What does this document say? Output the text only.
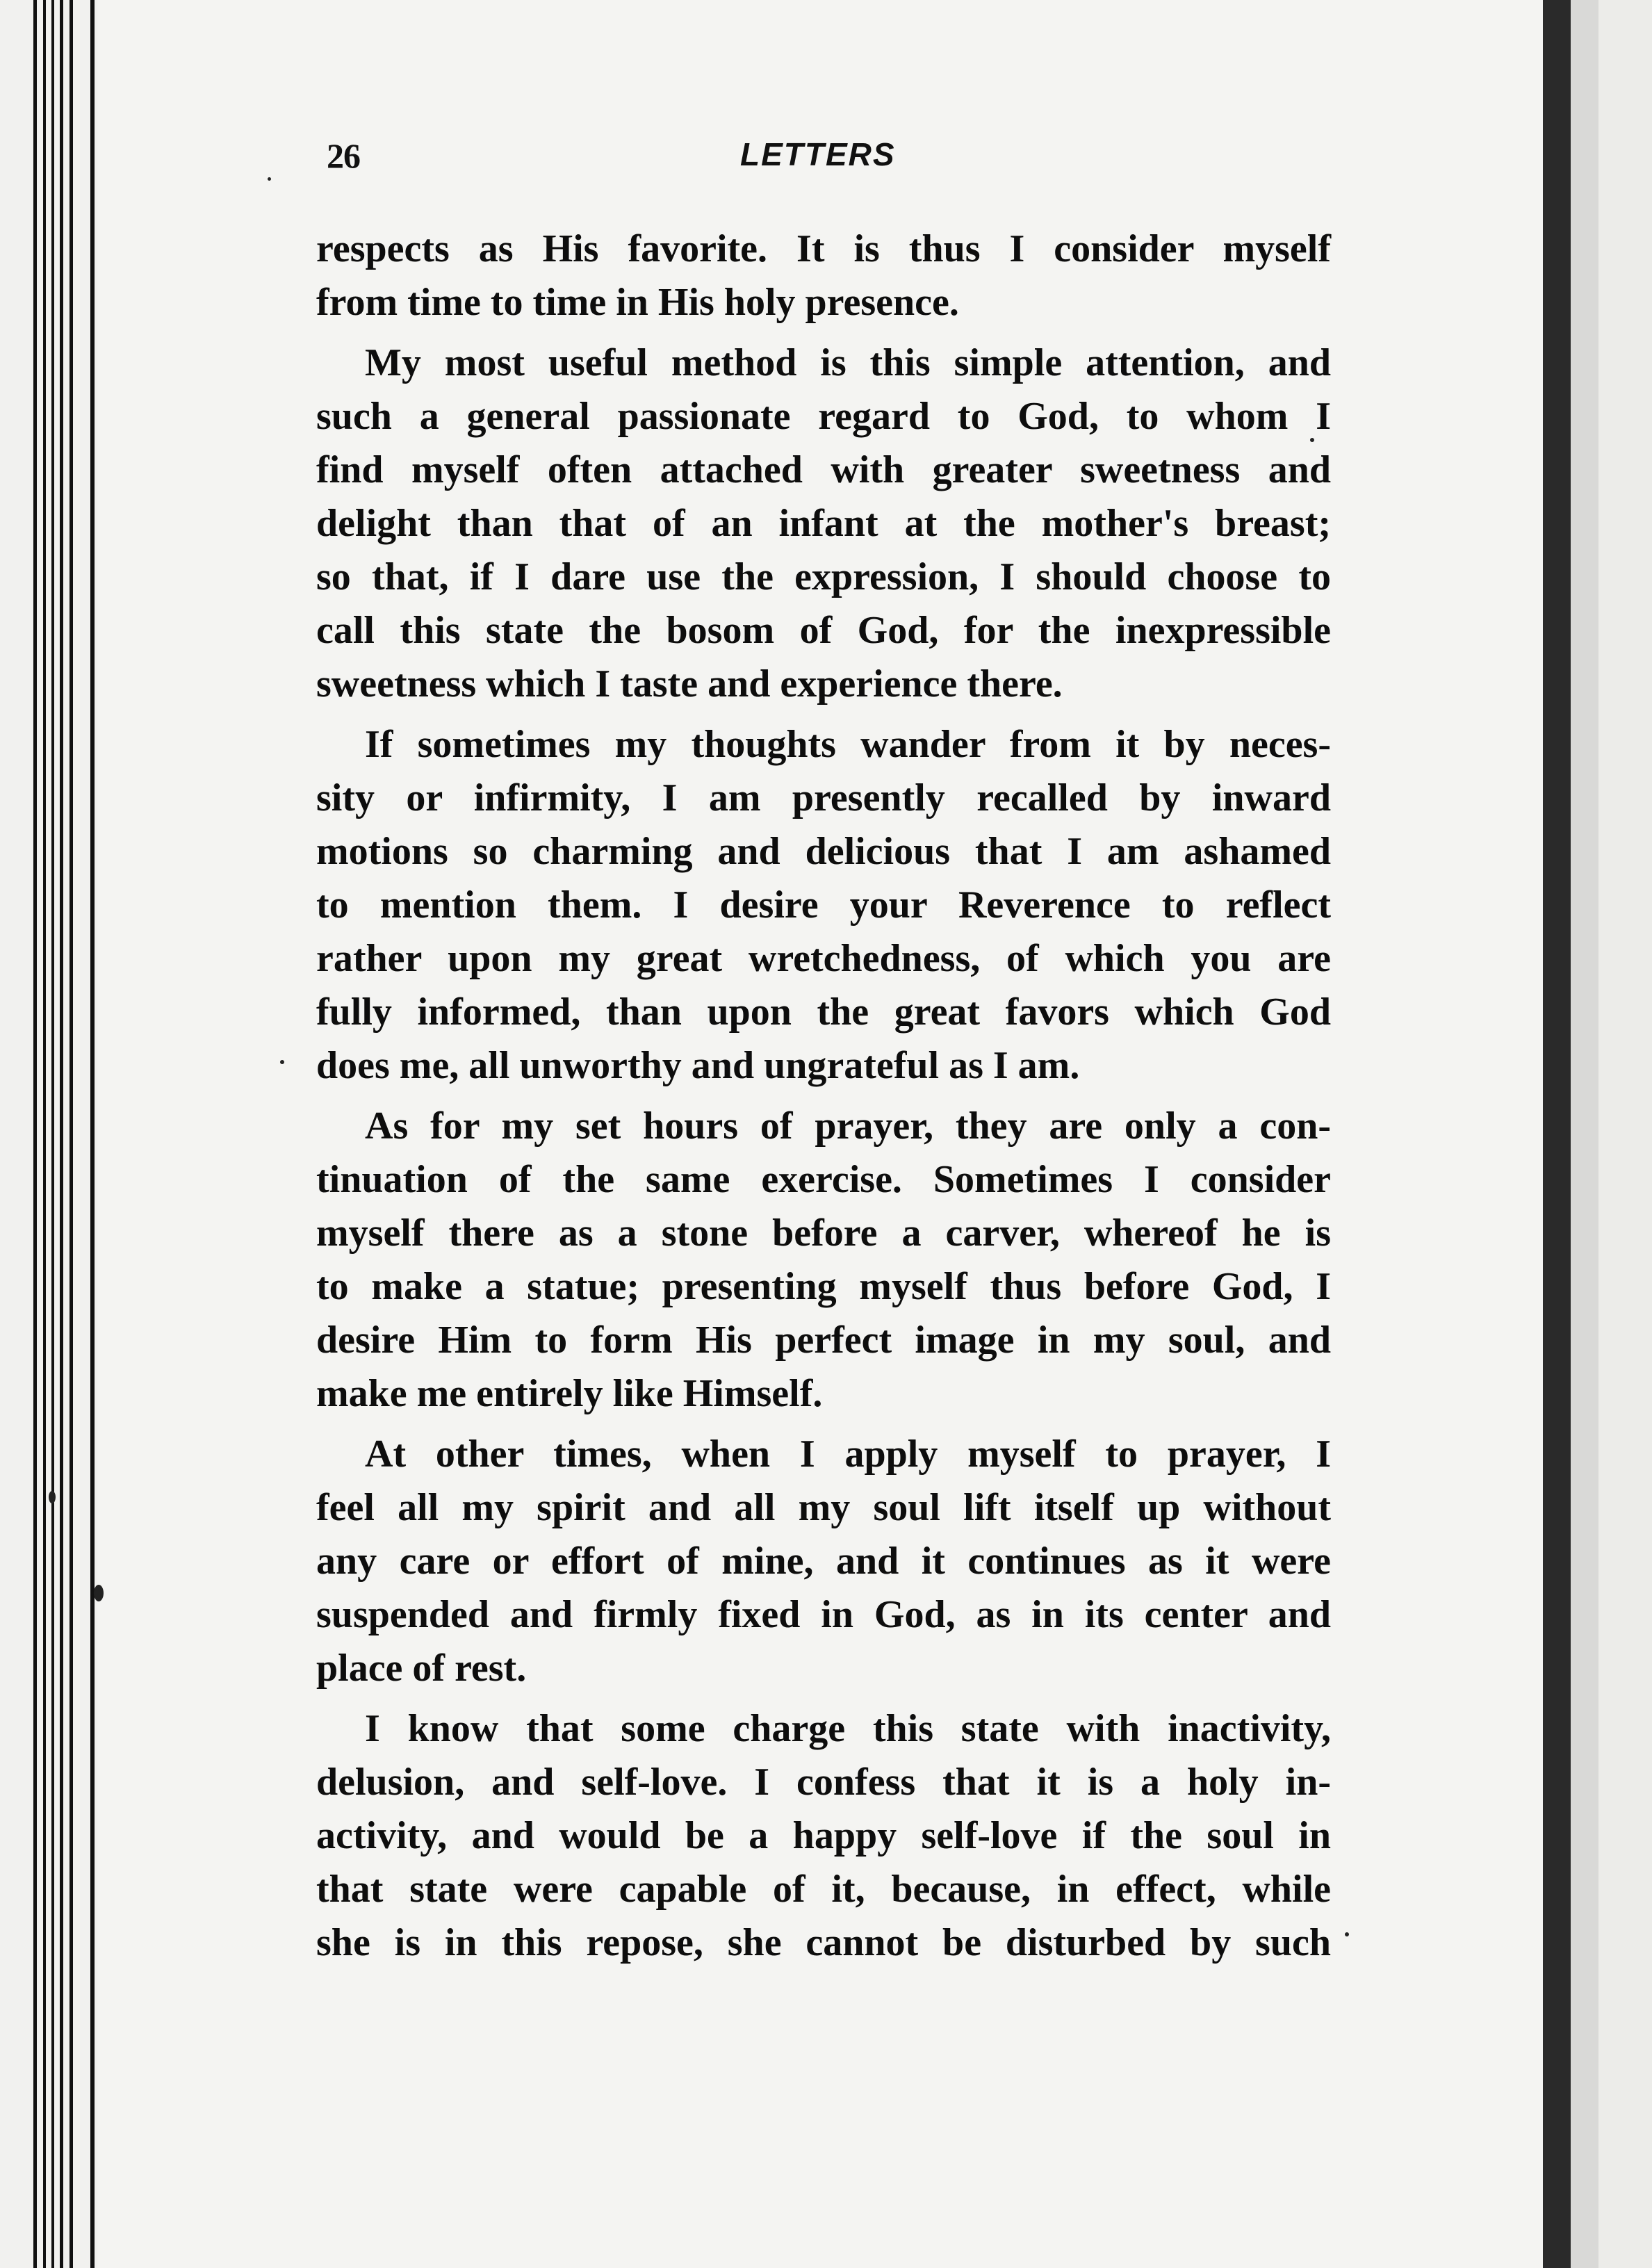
26	LETTERS
respects as His favorite. It is thus I consider myself
from time to time in His holy presence.
My most useful method is this simple attention, and
such a general passionate regard to God, to whom I
find myself often attached with greater sweetness and
delight than that of an infant at the mother's breast;
so that, if I dare use the expression, I should choose to
call this state the bosom of God, for the inexpressible
sweetness which I taste and experience there.
If sometimes my thoughts wander from it by neces-
sity or infirmity, I am presently recalled by inward
motions so charming and delicious that I am ashamed
to mention them. I desire your Reverence to reflect
rather upon my great wretchedness, of which you are
fully informed, than upon the great favors which God
does me, all unworthy and ungrateful as I am.
As for my set hours of prayer, they are only a con-
tinuation of the same exercise. Sometimes I consider
myself there as a stone before a carver, whereof he is
to make a statue; presenting myself thus before God, I
desire Him to form His perfect image in my soul, and
make me entirely like Himself.
At other times, when I apply myself to prayer, I
feel all my spirit and all my soul lift itself up without
any care or effort of mine, and it continues as it were
suspended and firmly fixed in God, as in its center and
place of rest.
I know that some charge this state with inactivity,
delusion, and self-love. I confess that it is a holy in-
activity, and would be a happy self-love if the soul in
that state were capable of it, because, in effect, while
she is in this repose, she cannot be disturbed by such
